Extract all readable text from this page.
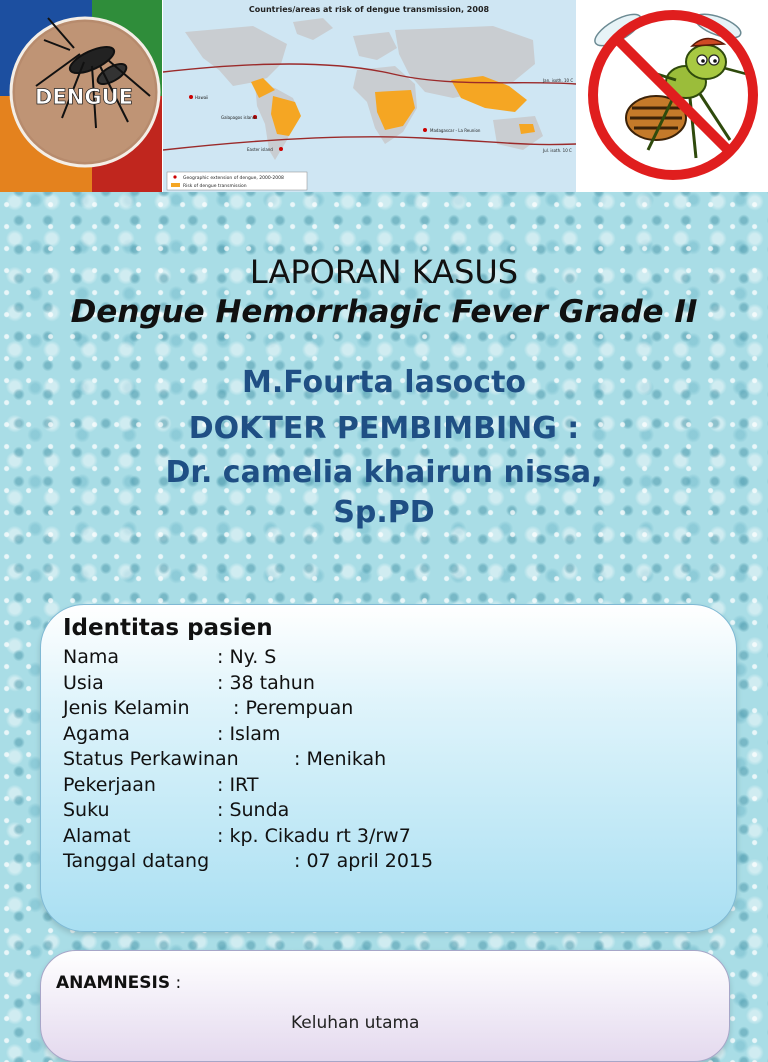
DENGUE
Countries/areas at risk of dengue transmission, 2008
Hawaii
Galapagos islands
Easter island
Madagascar - La Reunion
Jan. isoth. 10 C
Jul. isoth. 10 C
Geographic extension of dengue, 2000-2008
Risk of dengue transmission
LAPORAN KASUS
Dengue Hemorrhagic Fever Grade II
M.Fourta lasocto
DOKTER PEMBIMBING :
Dr. camelia khairun nissa,
Sp.PD
Identitas pasien
Nama	: Ny. S
Usia	: 38 tahun
Jenis Kelamin : Perempuan
Agama	: Islam
Status Perkawinan	: Menikah
Pekerjaan	: IRT
Suku	: Sunda
Alamat	: kp. Cikadu rt 3/rw7
Tanggal datang	: 07 april 2015
ANAMNESIS :
Keluhan utama
